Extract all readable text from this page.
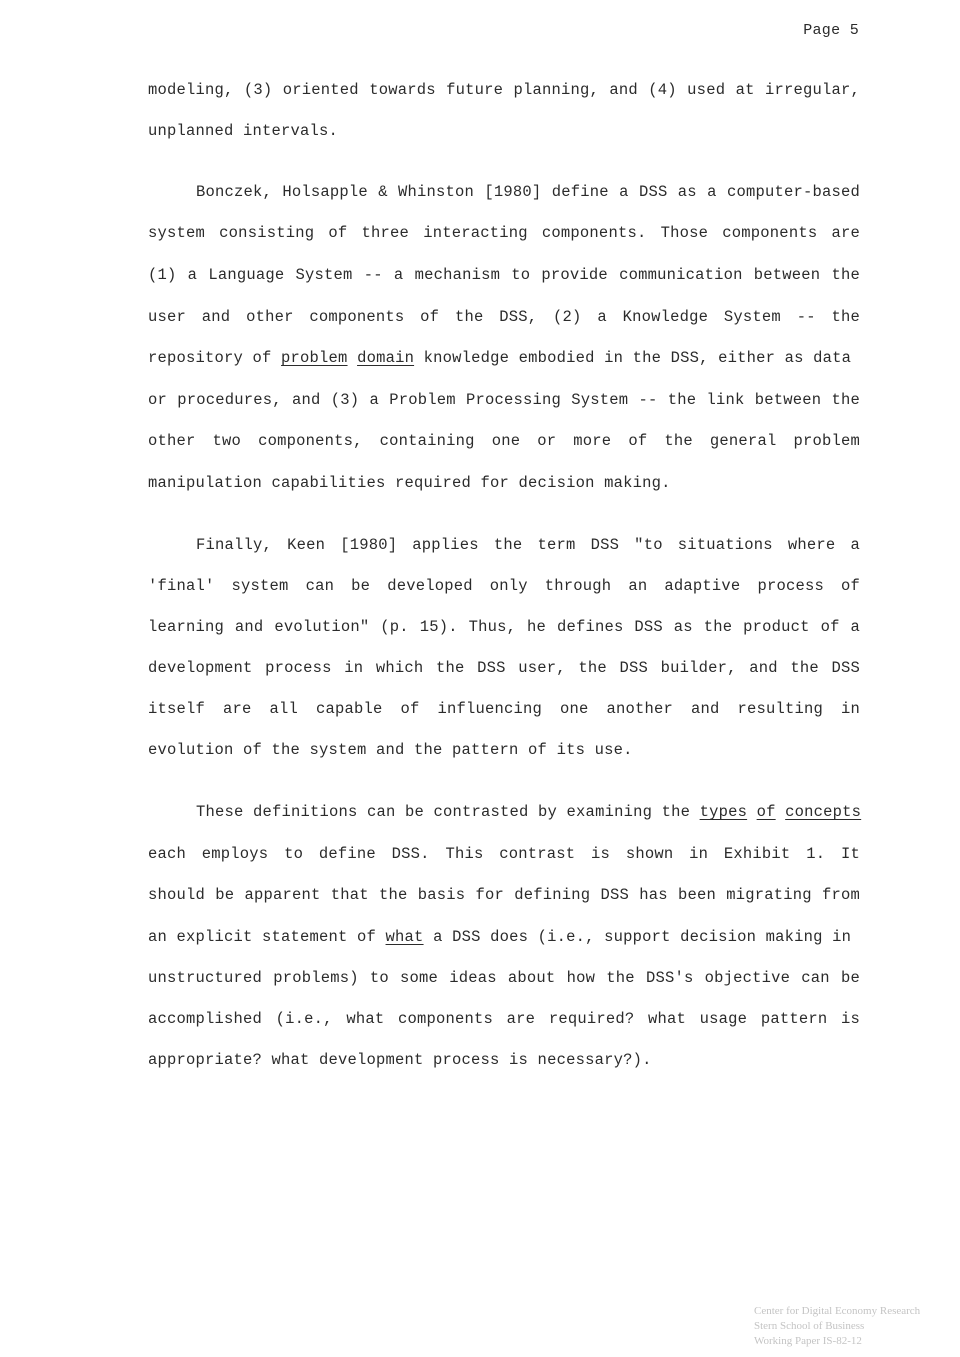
Page 5
modeling, (3) oriented towards future planning, and (4) used at irregular,
unplanned intervals.
Bonczek, Holsapple & Whinston [1980] define a DSS as a computer-based
system consisting of three interacting components. Those components are
(1) a Language System -- a mechanism to provide communication between the
user and other components of the DSS, (2) a Knowledge System -- the
repository of problem domain knowledge embodied in the DSS, either as data
or procedures, and (3) a Problem Processing System -- the link between the
other two components, containing one or more of the general problem
manipulation capabilities required for decision making.
Finally, Keen [1980] applies the term DSS "to situations where a
'final' system can be developed only through an adaptive process of
learning and evolution" (p. 15). Thus, he defines DSS as the product of a
development process in which the DSS user, the DSS builder, and the DSS
itself are all capable of influencing one another and resulting in
evolution of the system and the pattern of its use.
These definitions can be contrasted by examining the types of concepts
each employs to define DSS. This contrast is shown in Exhibit 1. It
should be apparent that the basis for defining DSS has been migrating from
an explicit statement of what a DSS does (i.e., support decision making in
unstructured problems) to some ideas about how the DSS's objective can be
accomplished (i.e., what components are required? what usage pattern is
appropriate? what development process is necessary?).
Center for Digital Economy Research
Stern School of Business
Working Paper IS-82-12
